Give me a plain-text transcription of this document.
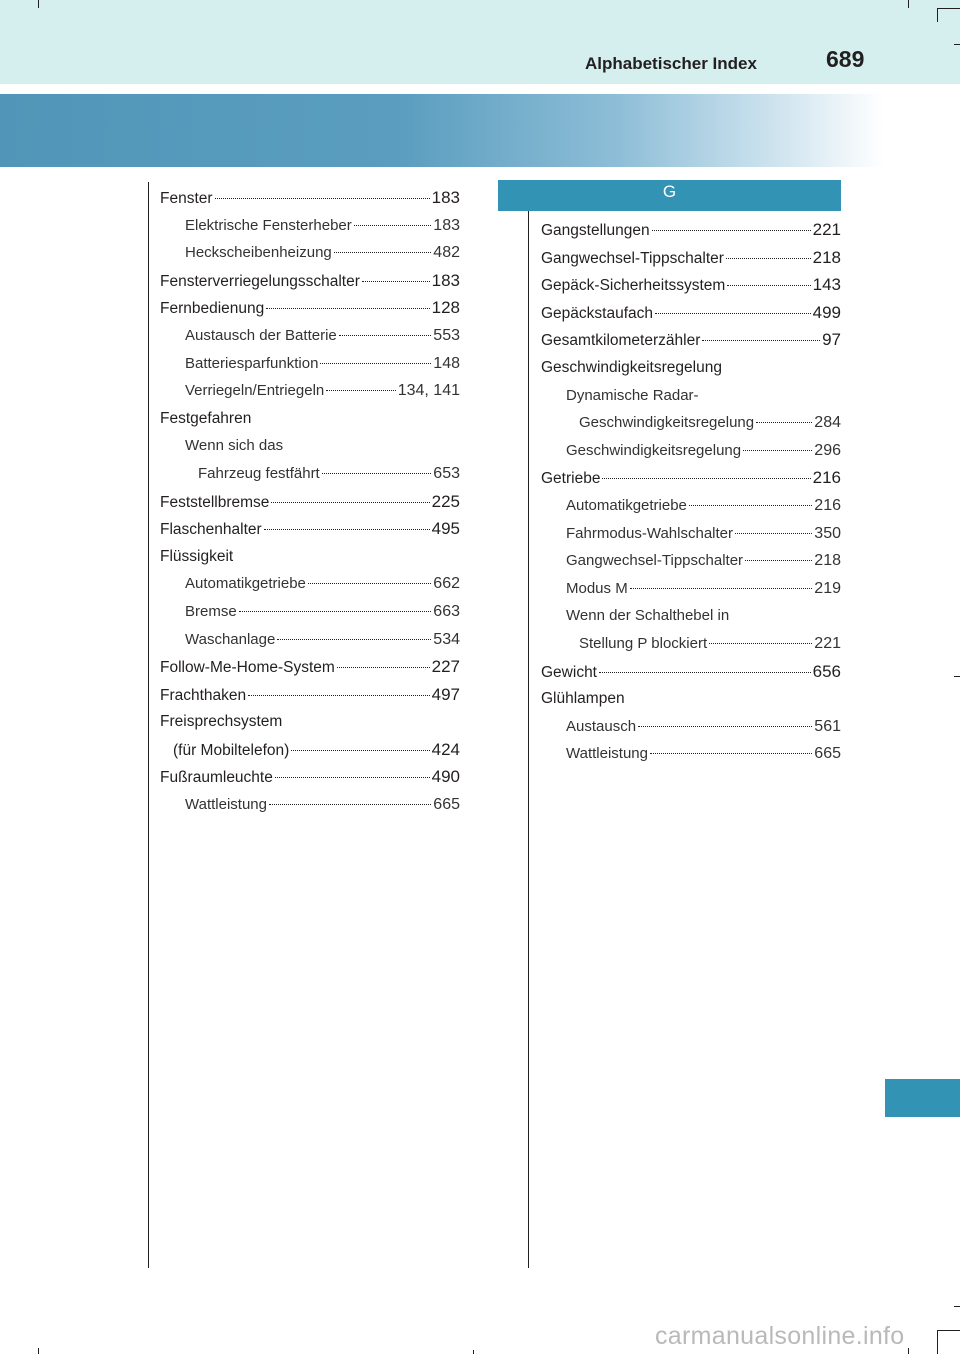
Alphabetischer Index	689
Fenster	183
Elektrische Fensterheber	183
Heckscheibenheizung	482
Fensterverriegelungsschalter	183
Fernbedienung	128
Austausch der Batterie	553
Batteriesparfunktion	148
Verriegeln/Entriegeln	134, 141
Festgefahren
Wenn sich das
Fahrzeug festfährt	653
Feststellbremse	225
Flaschenhalter	495
Flüssigkeit
Automatikgetriebe	662
Bremse	663
Waschanlage	534
Follow-Me-Home-System	227
Frachthaken	497
Freisprechsystem
(für Mobiltelefon)	424
Fußraumleuchte	490
Wattleistung	665
G
Gangstellungen	221
Gangwechsel-Tippschalter	218
Gepäck-Sicherheitssystem	143
Gepäckstaufach	499
Gesamtkilometerzähler	97
Geschwindigkeitsregelung
Dynamische Radar-
Geschwindigkeitsregelung	284
Geschwindigkeitsregelung	296
Getriebe	216
Automatikgetriebe	216
Fahrmodus-Wahlschalter	350
Gangwechsel-Tippschalter	218
Modus M	219
Wenn der Schalthebel in
Stellung P blockiert	221
Gewicht	656
Glühlampen
Austausch	561
Wattleistung	665
carmanualsonline.info
